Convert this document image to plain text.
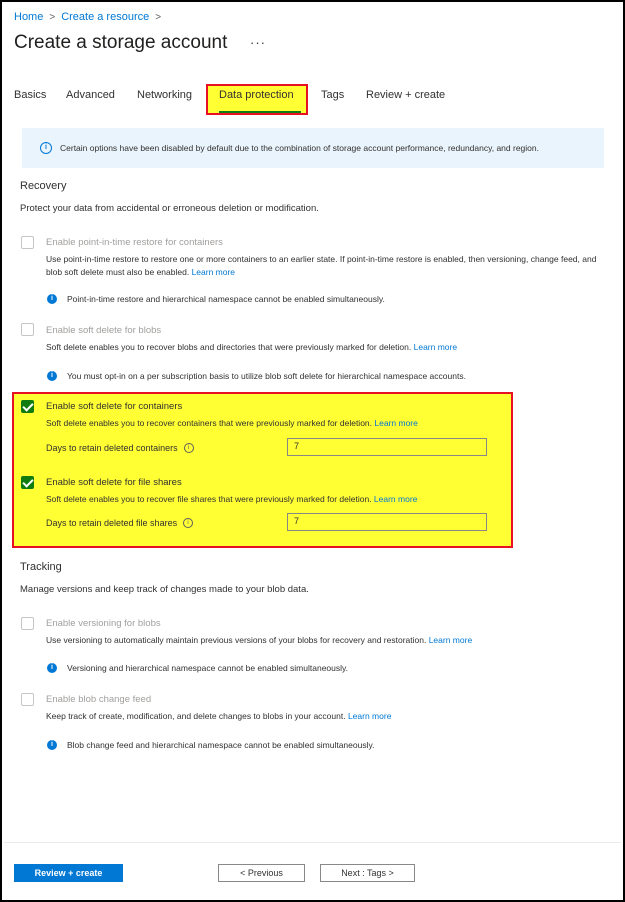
Home > Create a resource >
Create a storage account ···
Basics Advanced Networking Data protection Tags Review + create
i	Certain options have been disabled by default due to the combination of storage account performance, redundancy, and region.
Recovery
Protect your data from accidental or erroneous deletion or modification.
Enable point-in-time restore for containers
Use point-in-time restore to restore one or more containers to an earlier state. If point-in-time restore is enabled, then versioning, change feed, and blob soft delete must also be enabled. Learn more
i	Point-in-time restore and hierarchical namespace cannot be enabled simultaneously.
Enable soft delete for blobs
Soft delete enables you to recover blobs and directories that were previously marked for deletion. Learn more
i	You must opt-in on a per subscription basis to utilize blob soft delete for hierarchical namespace accounts.
Enable soft delete for containers
Soft delete enables you to recover containers that were previously marked for deletion. Learn more
Days to retain deleted containers	i	7
Enable soft delete for file shares
Soft delete enables you to recover file shares that were previously marked for deletion. Learn more
Days to retain deleted file shares	i	7
Tracking
Manage versions and keep track of changes made to your blob data.
Enable versioning for blobs
Use versioning to automatically maintain previous versions of your blobs for recovery and restoration. Learn more
i	Versioning and hierarchical namespace cannot be enabled simultaneously.
Enable blob change feed
Keep track of create, modification, and delete changes to blobs in your account. Learn more
i	Blob change feed and hierarchical namespace cannot be enabled simultaneously.
Review + create	< Previous	Next : Tags >
